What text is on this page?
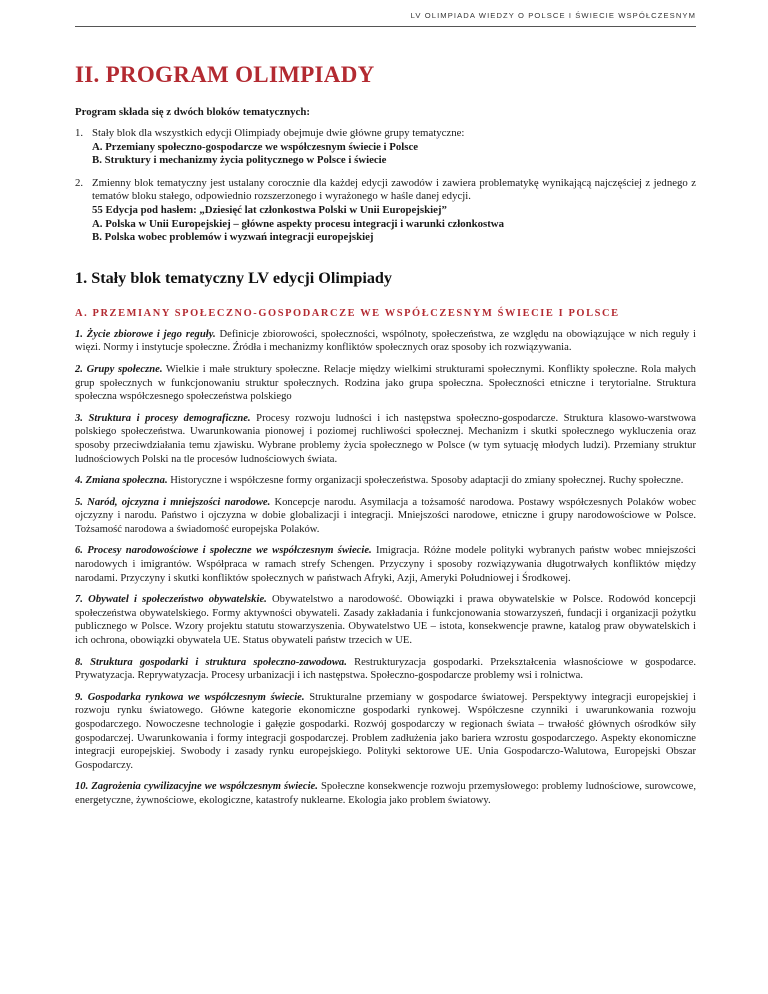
LV OLIMPIADA WIEDZY O POLSCE I ŚWIECIE WSPÓŁCZESNYM
II. PROGRAM OLIMPIADY

Program składa się z dwóch bloków tematycznych:

1. Stały blok dla wszystkich edycji Olimpiady obejmuje dwie główne grupy tematyczne:
A. Przemiany społeczno-gospodarcze we współczesnym świecie i Polsce
B. Struktury i mechanizmy życia politycznego w Polsce i świecie
2. Zmienny blok tematyczny jest ustalany corocznie dla każdej edycji zawodów i zawiera problematykę wynikającą najczęściej z jednego z tematów bloku stałego, odpowiednio rozszerzonego i wyrażonego w haśle danej edycji.
55 Edycja pod hasłem: „Dziesięć lat członkostwa Polski w Unii Europejskiej”
A. Polska w Unii Europejskiej – główne aspekty procesu integracji i warunki członkostwa
B. Polska wobec problemów i wyzwań integracji europejskiej
1. Stały blok tematyczny LV edycji Olimpiady
A. PRZEMIANY SPOŁECZNO-GOSPODARCZE WE WSPÓŁCZESNYM ŚWIECIE I POLSCE

1. Życie zbiorowe i jego reguły. Definicje zbiorowości, społeczności, wspólnoty, społeczeństwa, ze względu na obowiązujące w nich reguły i więzi. Normy i instytucje społeczne. Źródła i mechanizmy konfliktów społecznych oraz sposoby ich rozwiązywania.

2. Grupy społeczne. Wielkie i małe struktury społeczne. Relacje między wielkimi strukturami społecznymi. Konflikty społeczne. Rola małych grup społecznych w funkcjonowaniu struktur społecznych. Rodzina jako grupa społeczna. Społeczności etniczne i terytorialne. Struktura społeczna współczesnego społeczeństwa polskiego

3. Struktura i procesy demograficzne. Procesy rozwoju ludności i ich następstwa społeczno-gospodarcze. Struktura klasowo-warstwowa polskiego społeczeństwa. Uwarunkowania pionowej i poziomej ruchliwości społecznej. Mechanizm i skutki społecznego wykluczenia oraz sposoby przeciwdziałania temu zjawisku. Wybrane problemy życia społecznego w Polsce (w tym sytuację młodych ludzi). Przemiany struktur ludnościowych Polski na tle procesów ludnościowych świata.

4. Zmiana społeczna. Historyczne i współczesne formy organizacji społeczeństwa. Sposoby adaptacji do zmiany społecznej. Ruchy społeczne.

5. Naród, ojczyzna i mniejszości narodowe. Koncepcje narodu. Asymilacja a tożsamość narodowa. Postawy współczesnych Polaków wobec ojczyzny i narodu. Państwo i ojczyzna w dobie globalizacji i integracji. Mniejszości narodowe, etniczne i grupy narodowościowe w Polsce. Tożsamość narodowa a świadomość europejska Polaków.

6. Procesy narodowościowe i społeczne we współczesnym świecie. Imigracja. Różne modele polityki wybranych państw wobec mniejszości narodowych i imigrantów. Współpraca w ramach strefy Schengen. Przyczyny i sposoby rozwiązywania długotrwałych konfliktów między narodami. Przyczyny i skutki konfliktów społecznych w państwach Afryki, Azji, Ameryki Południowej i Środkowej.

7. Obywatel i społeczeństwo obywatelskie. Obywatelstwo a narodowość. Obowiązki i prawa obywatelskie w Polsce. Rodowód koncepcji społeczeństwa obywatelskiego. Formy aktywności obywateli. Zasady zakładania i funkcjonowania stowarzyszeń, fundacji i organizacji pożytku publicznego w Polsce. Wzory projektu statutu stowarzyszenia. Obywatelstwo UE – istota, konsekwencje prawne, katalog praw obywatelskich i ich ochrona, obowiązki obywatela UE. Status obywateli państw trzecich w UE.

8. Struktura gospodarki i struktura społeczno-zawodowa. Restrukturyzacja gospodarki. Przekształcenia własnościowe w gospodarce. Prywatyzacja. Reprywatyzacja. Procesy urbanizacji i ich następstwa. Społeczno-gospodarcze problemy wsi i rolnictwa.

9. Gospodarka rynkowa we współczesnym świecie. Strukturalne przemiany w gospodarce światowej. Perspektywy integracji europejskiej i rozwoju rynku światowego. Główne kategorie ekonomiczne gospodarki rynkowej. Współczesne czynniki i uwarunkowania rozwoju gospodarczego. Nowoczesne technologie i gałęzie gospodarki. Rozwój gospodarczy w regionach świata – trwałość głównych ośrodków siły gospodarczej. Uwarunkowania i formy integracji gospodarczej. Problem zadłużenia jako bariera wzrostu gospodarczego. Aspekty ekonomiczne integracji europejskiej. Swobody i zasady rynku europejskiego. Polityki sektorowe UE. Unia Gospodarczo-Walutowa, Europejski Obszar Gospodarczy.

10. Zagrożenia cywilizacyjne we współczesnym świecie. Społeczne konsekwencje rozwoju przemysłowego: problemy ludnościowe, surowcowe, energetyczne, żywnościowe, ekologiczne, katastrofy nuklearne. Ekologia jako problem światowy.
